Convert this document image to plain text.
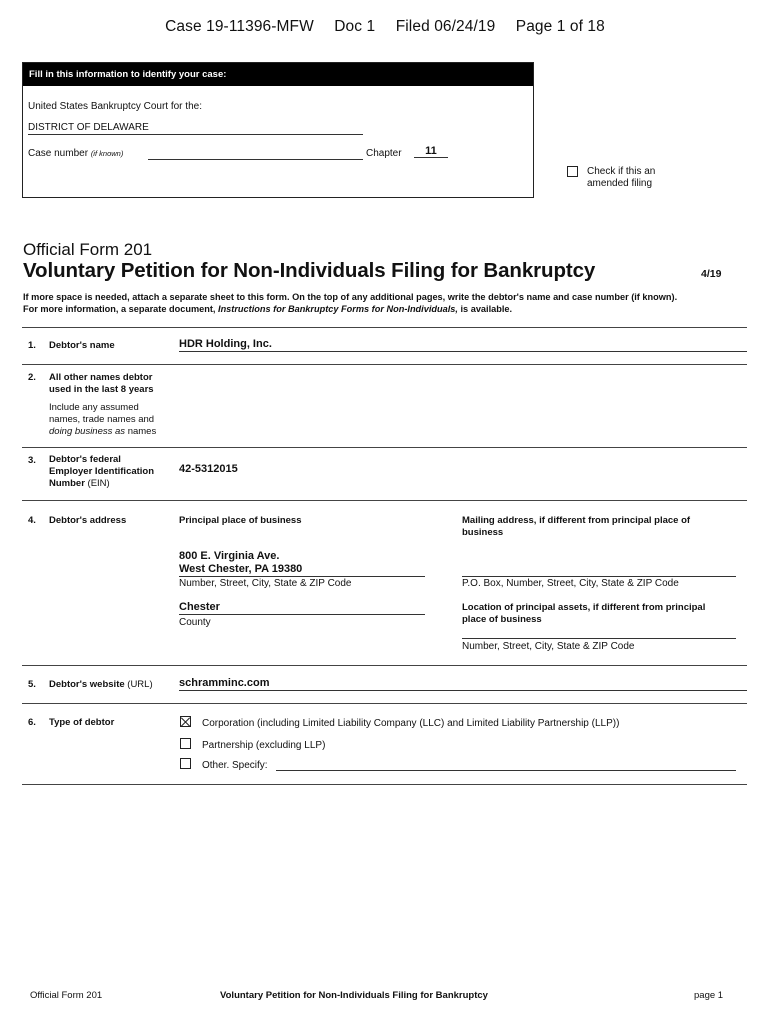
Case 19-11396-MFW Doc 1 Filed 06/24/19 Page 1 of 18
Fill in this information to identify your case:
United States Bankruptcy Court for the:
DISTRICT OF DELAWARE
Case number (if known)	Chapter	11
Check if this an
amended filing
Official Form 201
Voluntary Petition for Non-Individuals Filing for Bankruptcy	4/19
If more space is needed, attach a separate sheet to this form. On the top of any additional pages, write the debtor's name and case number (if known).
For more information, a separate document, Instructions for Bankruptcy Forms for Non-Individuals, is available.
1. Debtor's name	HDR Holding, Inc.
2. All other names debtor
used in the last 8 years
Include any assumed
names, trade names and
doing business as names
3. Debtor's federal
Employer Identification
Number (EIN)
42-5312015
4. Debtor's address	Principal place of business	Mailing address, if different from principal place of
business
800 E. Virginia Ave.
West Chester, PA 19380
Number, Street, City, State & ZIP Code	P.O. Box, Number, Street, City, State & ZIP Code
Chester
County
Location of principal assets, if different from principal
place of business
Number, Street, City, State & ZIP Code
5. Debtor's website (URL) schramminc.com
6. Type of debtor	Corporation (including Limited Liability Company (LLC) and Limited Liability Partnership (LLP))
Partnership (excluding LLP)
Other. Specify:
Official Form 201	Voluntary Petition for Non-Individuals Filing for Bankruptcy	page 1
